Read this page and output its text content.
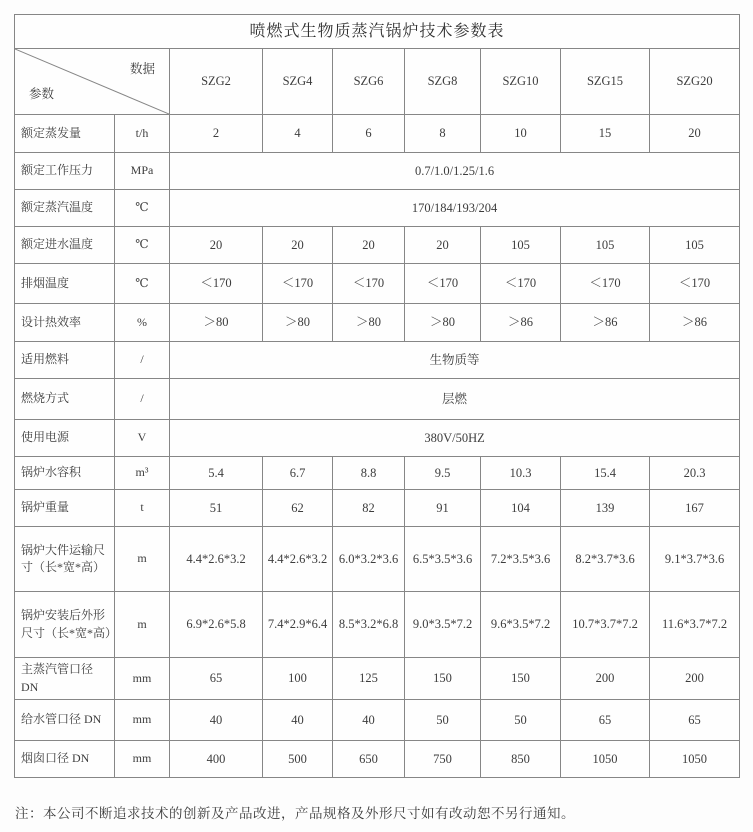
喷燃式生物质蒸汽锅炉技术参数表								

数据
参数		SZG2	SZG4	SZG6	SZG8	SZG10	SZG15	SZG20
额定蒸发量	t/h	2	4	6	8	10	15	20
额定工作压力	MPa	0.7/1.0/1.25/1.6						
额定蒸汽温度	℃	170/184/193/204						
额定进水温度	℃	20	20	20	20	105	105	105
排烟温度	℃	＜170	＜170	＜170	＜170	＜170	＜170	＜170
设计热效率	%	＞80	＞80	＞80	＞80	＞86	＞86	＞86
适用燃料	/	生物质等						
燃烧方式	/	层燃						
使用电源	V	380V/50HZ						
锅炉水容积	m³	5.4	6.7	8.8	9.5	10.3	15.4	20.3
锅炉重量	t	51	62	82	91	104	139	167
锅炉大件运输尺寸（长*宽*高）	m	4.4*2.6*3.2	4.4*2.6*3.2	6.0*3.2*3.6	6.5*3.5*3.6	7.2*3.5*3.6	8.2*3.7*3.6	9.1*3.7*3.6
锅炉安装后外形尺寸（长*宽*高）	m	6.9*2.6*5.8	7.4*2.9*6.4	8.5*3.2*6.8	9.0*3.5*7.2	9.6*3.5*7.2	10.7*3.7*7.2	11.6*3.7*7.2
主蒸汽管口径 DN	mm	65	100	125	150	150	200	200
给水管口径 DN	mm	40	40	40	50	50	65	65
烟囱口径 DN	mm	400	500	650	750	850	1050	1050
注：本公司不断追求技术的创新及产品改进，产品规格及外形尺寸如有改动恕不另行通知。
